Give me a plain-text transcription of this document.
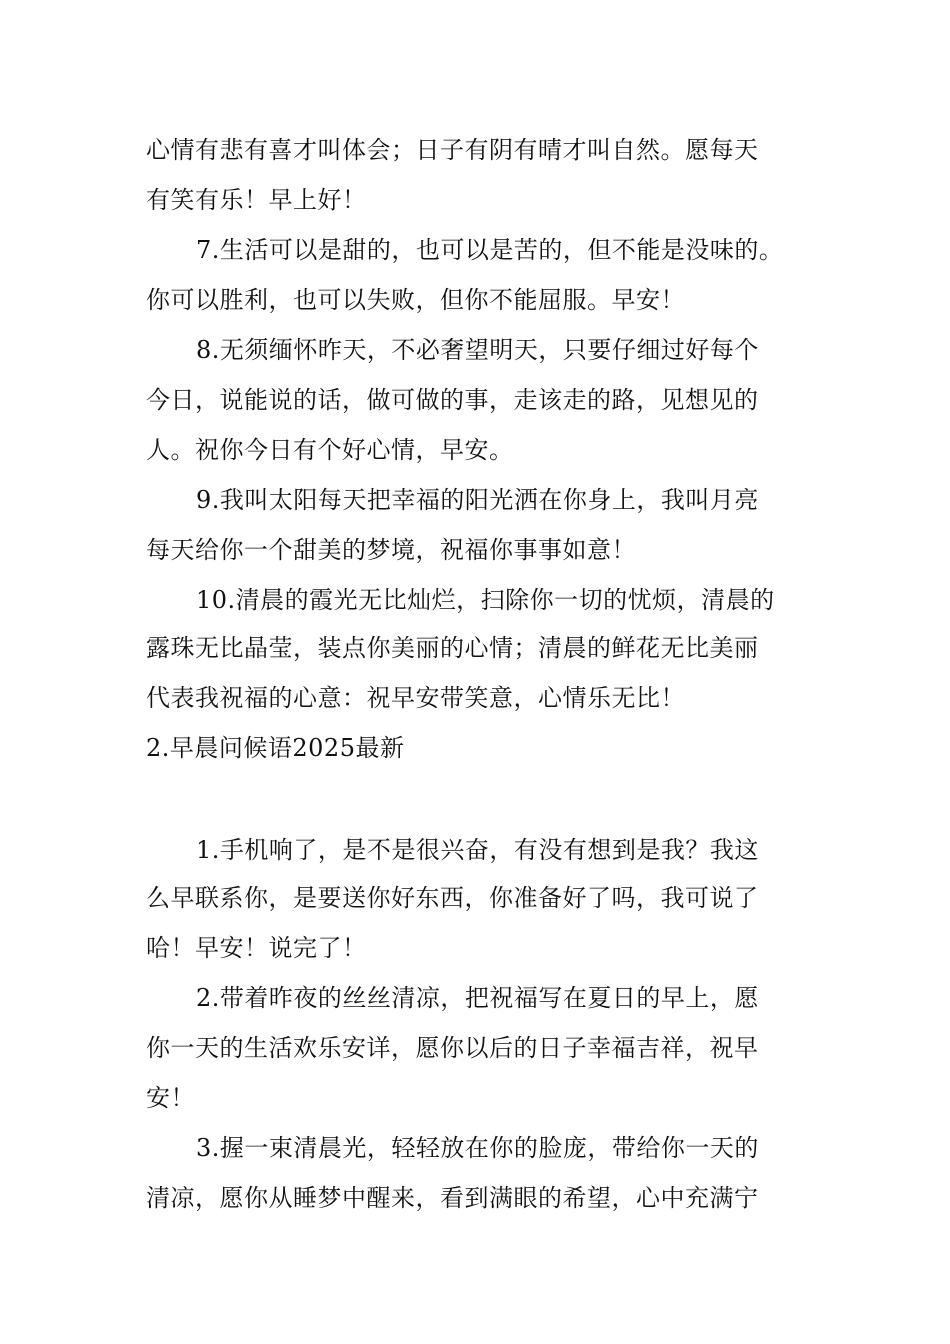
心情有悲有喜才叫体会；日子有阴有晴才叫自然。愿每天
有笑有乐！早上好！
7.生活可以是甜的，也可以是苦的，但不能是没味的。
你可以胜利，也可以失败，但你不能屈服。早安！
8.无须缅怀昨天，不必奢望明天，只要仔细过好每个
今日，说能说的话，做可做的事，走该走的路，见想见的
人。祝你今日有个好心情，早安。
9.我叫太阳每天把幸福的阳光洒在你身上，我叫月亮
每天给你一个甜美的梦境，祝福你事事如意！
10.清晨的霞光无比灿烂，扫除你一切的忧烦，清晨的
露珠无比晶莹，装点你美丽的心情；清晨的鲜花无比美丽
代表我祝福的心意：祝早安带笑意，心情乐无比！
2.早晨问候语2025最新
1.手机响了，是不是很兴奋，有没有想到是我？我这
么早联系你，是要送你好东西，你准备好了吗，我可说了
哈！早安！说完了！
2.带着昨夜的丝丝清凉，把祝福写在夏日的早上，愿
你一天的生活欢乐安详，愿你以后的日子幸福吉祥，祝早
安！
3.握一束清晨光，轻轻放在你的脸庞，带给你一天的
清凉，愿你从睡梦中醒来，看到满眼的希望，心中充满宁
